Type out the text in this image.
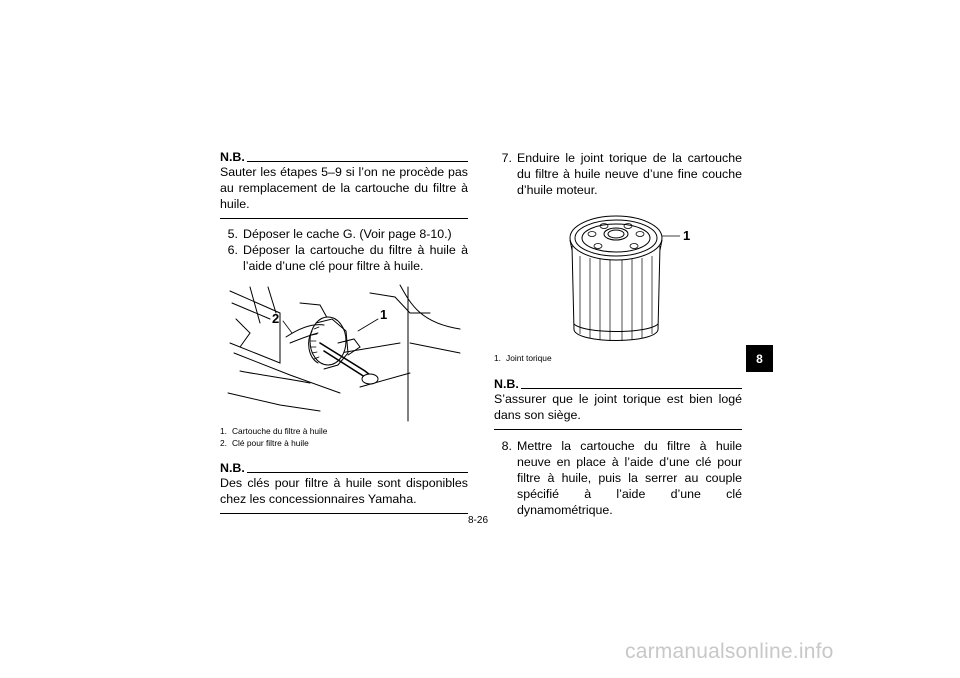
N.B.
Sauter les étapes 5–9 si l’on ne procède pas au remplacement de la cartouche du filtre à huile.
5. Déposer le cache G. (Voir page 8-10.)
6. Déposer la cartouche du filtre à huile à l’aide d’une clé pour filtre à huile.
2	1
1. Cartouche du filtre à huile
2. Clé pour filtre à huile
N.B.
Des clés pour filtre à huile sont disponibles chez les concessionnaires Yamaha.
7. Enduire le joint torique de la cartouche du filtre à huile neuve d’une fine couche d’huile moteur.
1
1. Joint torique
N.B.
S’assurer que le joint torique est bien logé dans son siège.
8. Mettre la cartouche du filtre à huile neuve en place à l’aide d’une clé pour filtre à huile, puis la serrer au couple spécifié à l’aide d’une clé dynamométrique.
8
8-26
carmanualsonline.info
